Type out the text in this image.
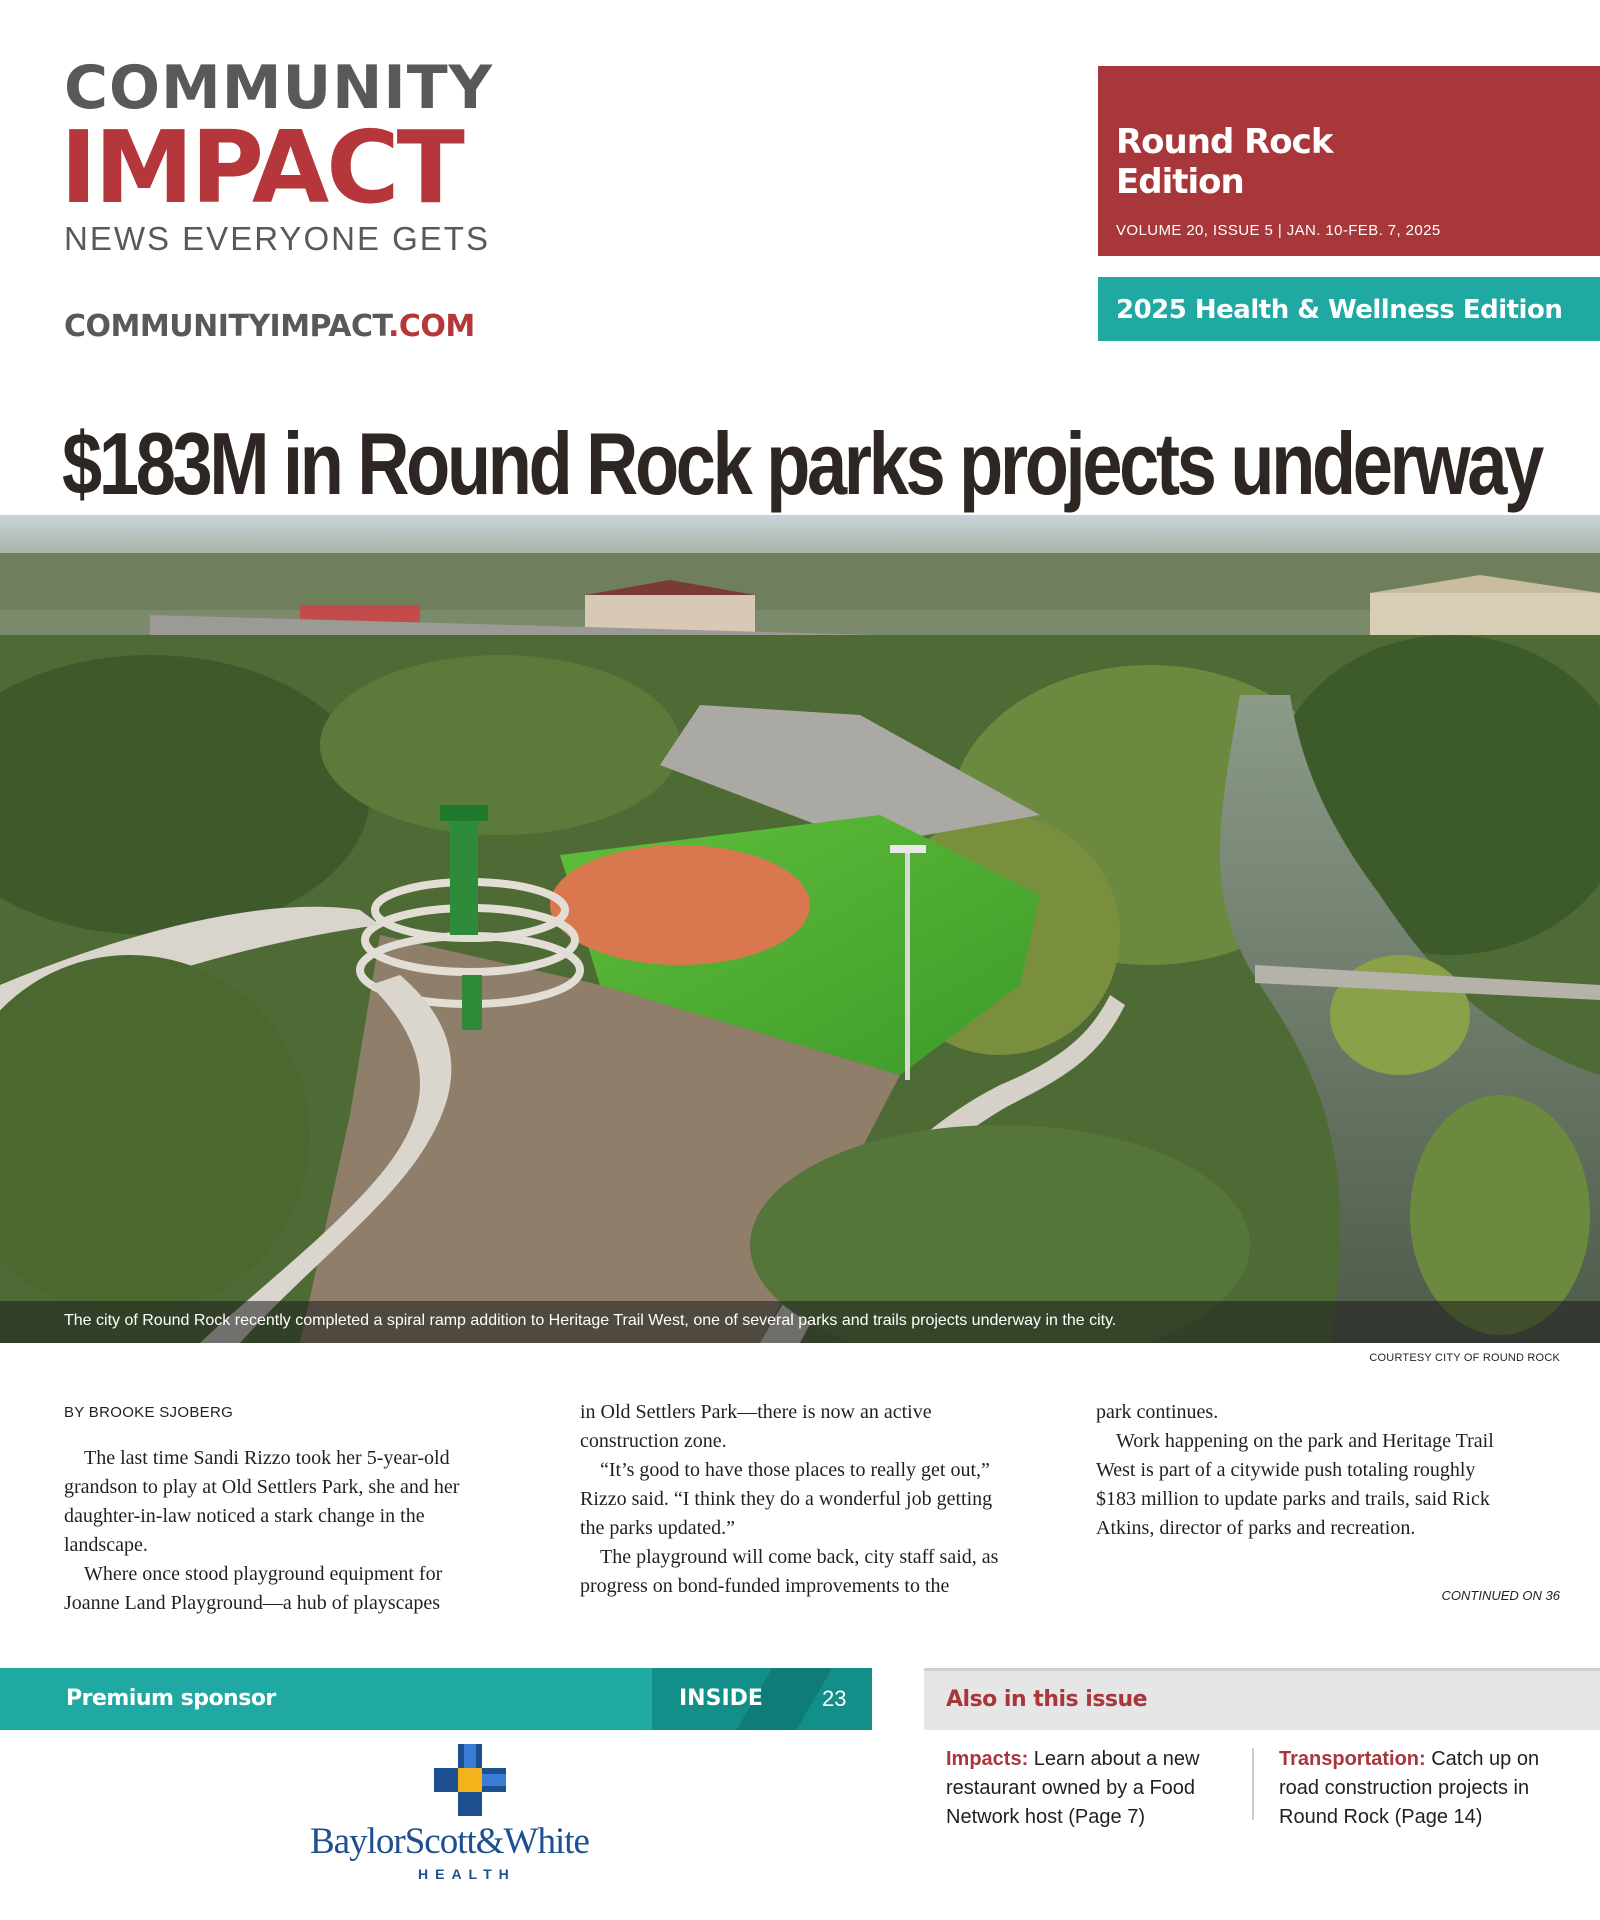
COMMUNITY
IMPACT
NEWS EVERYONE GETS
COMMUNITYIMPACT.COM
Round Rock
Edition
VOLUME 20, ISSUE 5 | JAN. 10-FEB. 7, 2025
2025 Health & Wellness Edition
$183M in Round Rock parks projects underway
The city of Round Rock recently completed a spiral ramp addition to Heritage Trail West, one of several parks and trails projects underway in the city.
COURTESY CITY OF ROUND ROCK

BY BROOKE SJOBERG

The last time Sandi Rizzo took her 5-year-old grandson to play at Old Settlers Park, she and her daughter-in-law noticed a stark change in the landscape.

Where once stood playground equipment for Joanne Land Playground—a hub of playscapes

in Old Settlers Park—there is now an active construction zone.

“It’s good to have those places to really get out,” Rizzo said. “I think they do a wonderful job getting the parks updated.”

The playground will come back, city staff said, as progress on bond-funded improvements to the

park continues.

Work happening on the park and Heritage Trail West is part of a citywide push totaling roughly $183 million to update parks and trails, said Rick Atkins, director of parks and recreation.

CONTINUED ON 36
Premium sponsor	INSIDE	23
BaylorScott&White
HEALTH
Also in this issue
Impacts: Learn about a new restaurant owned by a Food Network host (Page 7)
Transportation: Catch up on road construction projects in Round Rock (Page 14)
